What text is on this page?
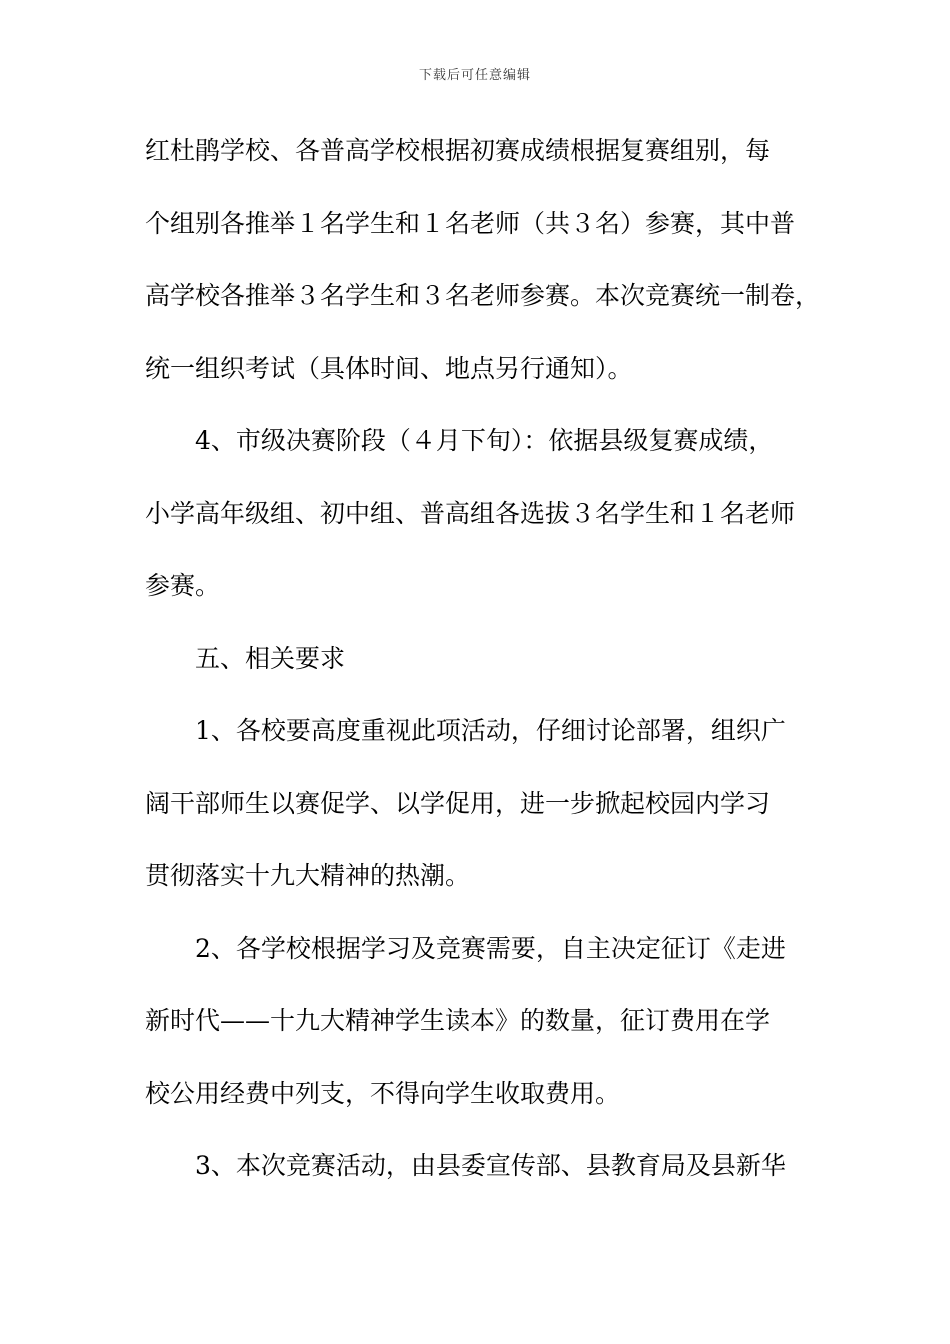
下载后可任意编辑
红杜鹃学校、各普高学校根据初赛成绩根据复赛组别，每
个组别各推举１名学生和１名老师（共３名）参赛，其中普
高学校各推举３名学生和３名老师参赛。本次竞赛统一制卷，
统一组织考试（具体时间、地点另行通知）。
4、市级决赛阶段（４月下旬）：依据县级复赛成绩，
小学高年级组、初中组、普高组各选拔３名学生和１名老师
参赛。
五、相关要求
1、各校要高度重视此项活动，仔细讨论部署，组织广
阔干部师生以赛促学、以学促用，进一步掀起校园内学习
贯彻落实十九大精神的热潮。
2、各学校根据学习及竞赛需要，自主决定征订《走进
新时代——十九大精神学生读本》的数量，征订费用在学
校公用经费中列支，不得向学生收取费用。
3、本次竞赛活动，由县委宣传部、县教育局及县新华
